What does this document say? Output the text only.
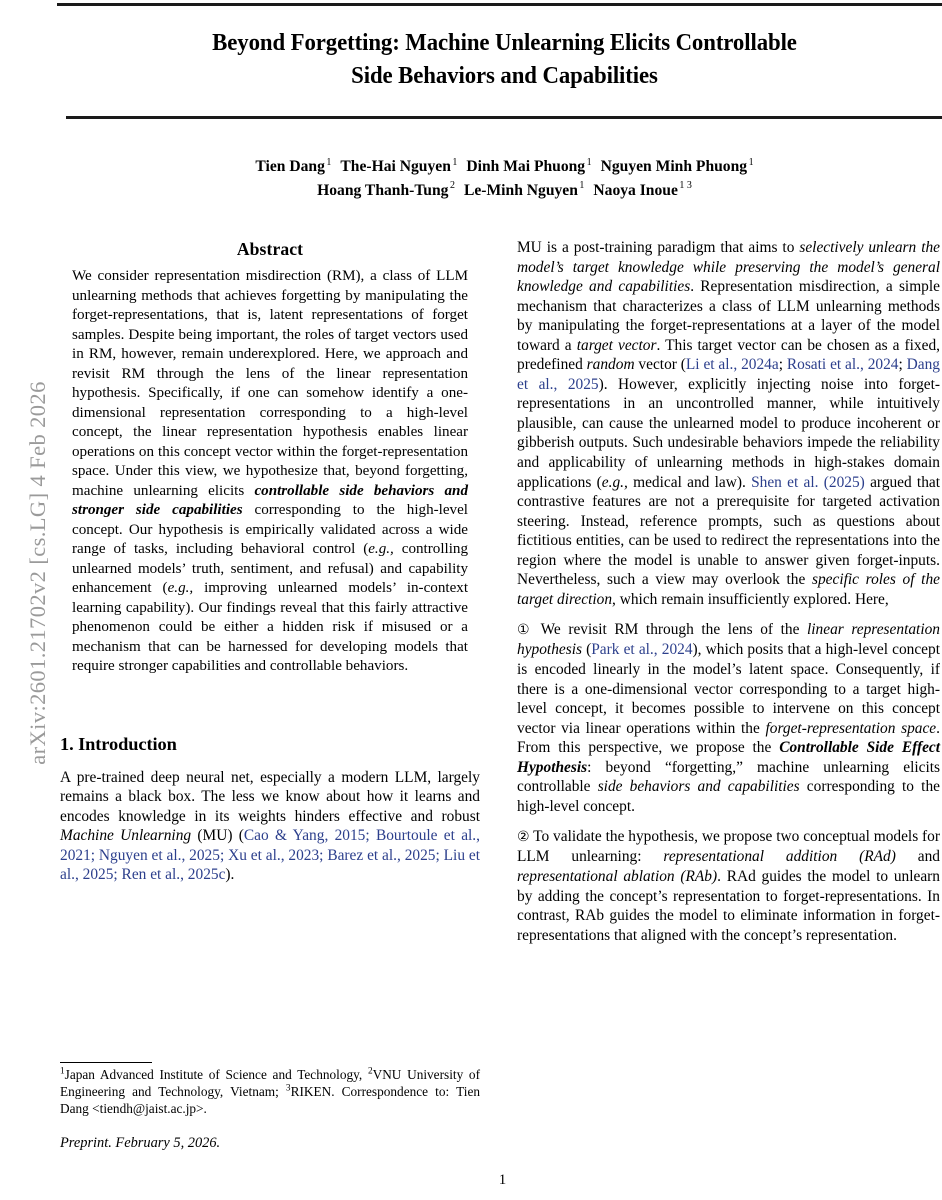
arXiv:2601.21702v2 [cs.LG] 4 Feb 2026
Beyond Forgetting: Machine Unlearning Elicits Controllable
Side Behaviors and Capabilities
Tien Dang $^1$ The-Hai Nguyen $^1$ Dinh Mai Phuong $^1$ Nguyen Minh Phuong $^1$
Hoang Thanh-Tung $^2$ Le-Minh Nguyen $^1$ Naoya Inoue $^{1 3}$
Abstract

We consider representation misdirection (RM), a class of LLM unlearning methods that achieves forgetting by manipulating the forget-representations, that is, latent representations of forget samples. Despite being important, the roles of target vectors used in RM, however, remain underexplored. Here, we approach and revisit RM through the lens of the linear representation hypothesis. Specifically, if one can somehow identify a one-dimensional representation corresponding to a high-level concept, the linear representation hypothesis enables linear operations on this concept vector within the forget-representation space. Under this view, we hypothesize that, beyond forgetting, machine unlearning elicits controllable side behaviors and stronger side capabilities corresponding to the high-level concept. Our hypothesis is empirically validated across a wide range of tasks, including behavioral control (e.g., controlling unlearned models’ truth, sentiment, and refusal) and capability enhancement (e.g., improving unlearned models’ in-context learning capability). Our findings reveal that this fairly attractive phenomenon could be either a hidden risk if misused or a mechanism that can be harnessed for developing models that require stronger capabilities and controllable behaviors.

1. Introduction

A pre-trained deep neural net, especially a modern LLM, largely remains a black box. The less we know about how it learns and encodes knowledge in its weights hinders effective and robust Machine Unlearning (MU) (Cao & Yang, 2015; Bourtoule et al., 2021; Nguyen et al., 2025; Xu et al., 2023; Barez et al., 2025; Liu et al., 2025; Ren et al., 2025c).

MU is a post-training paradigm that aims to selectively unlearn the model’s target knowledge while preserving the model’s general knowledge and capabilities. Representation misdirection, a simple mechanism that characterizes a class of LLM unlearning methods by manipulating the forget-representations at a layer of the model toward a target vector. This target vector can be chosen as a fixed, predefined random vector (Li et al., 2024a; Rosati et al., 2024; Dang et al., 2025). However, explicitly injecting noise into forget-representations in an uncontrolled manner, while intuitively plausible, can cause the unlearned model to produce incoherent or gibberish outputs. Such undesirable behaviors impede the reliability and applicability of unlearning methods in high-stakes domain applications (e.g., medical and law). Shen et al. (2025) argued that contrastive features are not a prerequisite for targeted activation steering. Instead, reference prompts, such as questions about fictitious entities, can be used to redirect the representations into the region where the model is unable to answer given forget-inputs. Nevertheless, such a view may overlook the specific roles of the target direction, which remain insufficiently explored. Here,

① We revisit RM through the lens of the linear representation hypothesis (Park et al., 2024), which posits that a high-level concept is encoded linearly in the model’s latent space. Consequently, if there is a one-dimensional vector corresponding to a target high-level concept, it becomes possible to intervene on this concept vector via linear operations within the forget-representation space. From this perspective, we propose the Controllable Side Effect Hypothesis: beyond “forgetting,” machine unlearning elicits controllable side behaviors and capabilities corresponding to the high-level concept.

② To validate the hypothesis, we propose two conceptual models for LLM unlearning: representational addition (RAd) and representational ablation (RAb). RAd guides the model to unlearn by adding the concept’s representation to forget-representations. In contrast, RAb guides the model to eliminate information in forget-representations that aligned with the concept’s representation.

$^1$Japan Advanced Institute of Science and Technology, $^2$VNU University of Engineering and Technology, Vietnam; $^3$RIKEN. Correspondence to: Tien Dang <tiendh@jaist.ac.jp>.

Preprint. February 5, 2026.
1
